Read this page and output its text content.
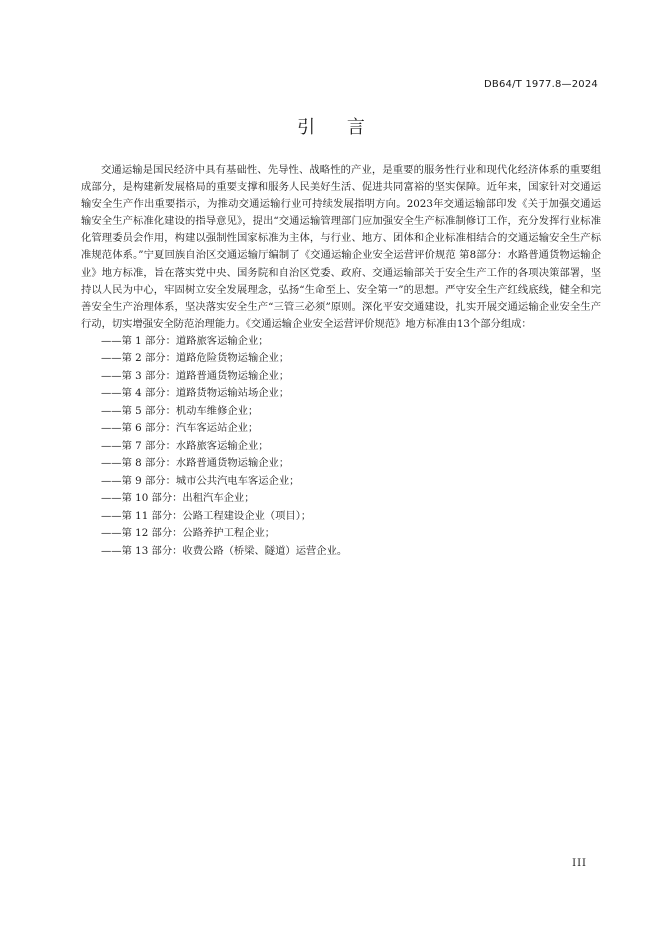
DB64/T 1977.8—2024
引 言

交通运输是国民经济中具有基础性、先导性、战略性的产业，是重要的服务性行业和现代化经济体系的重要组成部分，是构建新发展格局的重要支撑和服务人民美好生活、促进共同富裕的坚实保障。近年来，国家针对交通运输安全生产作出重要指示，为推动交通运输行业可持续发展指明方向。2023年交通运输部印发《关于加强交通运输安全生产标准化建设的指导意见》，提出“交通运输管理部门应加强安全生产标准制修订工作，充分发挥行业标准化管理委员会作用，构建以强制性国家标准为主体，与行业、地方、团体和企业标准相结合的交通运输安全生产标准规范体系。”宁夏回族自治区交通运输厅编制了《交通运输企业安全运营评价规范 第8部分：水路普通货物运输企业》地方标准，旨在落实党中央、国务院和自治区党委、政府、交通运输部关于安全生产工作的各项决策部署，坚持以人民为中心，牢固树立安全发展理念，弘扬“生命至上、安全第一”的思想。严守安全生产红线底线，健全和完善安全生产治理体系，坚决落实安全生产“三管三必须”原则。深化平安交通建设，扎实开展交通运输企业安全生产行动，切实增强安全防范治理能力。《交通运输企业安全运营评价规范》地方标准由13个部分组成：

——第 1 部分：道路旅客运输企业；
——第 2 部分：道路危险货物运输企业；
——第 3 部分：道路普通货物运输企业；
——第 4 部分：道路货物运输站场企业；
——第 5 部分：机动车维修企业；
——第 6 部分：汽车客运站企业；
——第 7 部分：水路旅客运输企业；
——第 8 部分：水路普通货物运输企业；
——第 9 部分：城市公共汽电车客运企业；
——第 10 部分：出租汽车企业；
——第 11 部分：公路工程建设企业（项目）；
——第 12 部分：公路养护工程企业；
——第 13 部分：收费公路（桥梁、隧道）运营企业。
III
